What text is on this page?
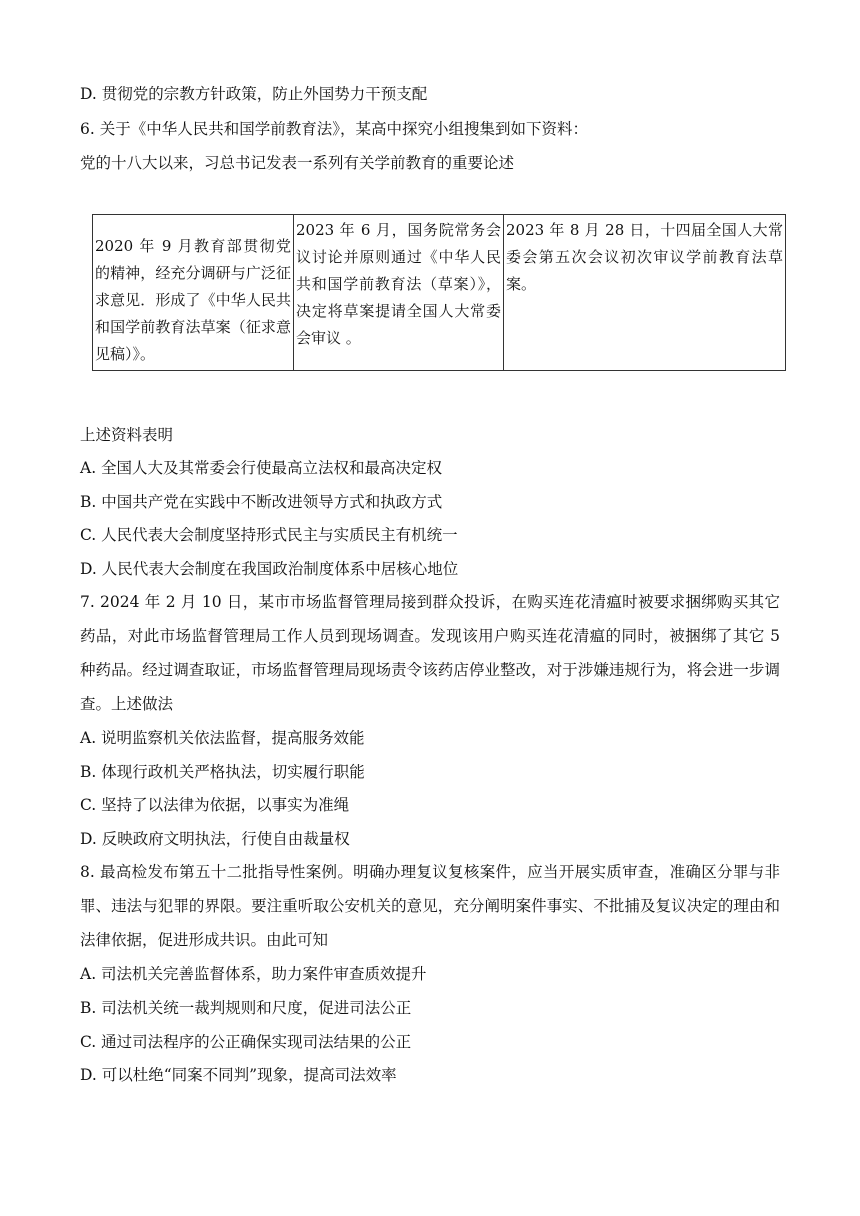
D. 贯彻党的宗教方针政策，防止外国势力干预支配
6. 关于《中华人民共和国学前教育法》，某高中探究小组搜集到如下资料：
党的十八大以来，习总书记发表一系列有关学前教育的重要论述
2020 年 9 月教育部贯彻党的精神，经充分调研与广泛征求意见．形成了《中华人民共和国学前教育法草案（征求意见稿）》。	2023 年 6 月，国务院常务会议讨论并原则通过《中华人民共和国学前教育法（草案）》，决定将草案提请全国人大常委会审议 。	2023 年 8 月 28 日，十四届全国人大常委会第五次会议初次审议学前教育法草案。
上述资料表明
A. 全国人大及其常委会行使最高立法权和最高决定权
B. 中国共产党在实践中不断改进领导方式和执政方式
C. 人民代表大会制度坚持形式民主与实质民主有机统一
D. 人民代表大会制度在我国政治制度体系中居核心地位
7. 2024 年 2 月 10 日，某市市场监督管理局接到群众投诉，在购买连花清瘟时被要求捆绑购买其它药品，对此市场监督管理局工作人员到现场调查。发现该用户购买连花清瘟的同时，被捆绑了其它 5 种药品。经过调查取证，市场监督管理局现场责令该药店停业整改，对于涉嫌违规行为，将会进一步调查。上述做法
A. 说明监察机关依法监督，提高服务效能
B. 体现行政机关严格执法，切实履行职能
C. 坚持了以法律为依据，以事实为准绳
D. 反映政府文明执法，行使自由裁量权
8. 最高检发布第五十二批指导性案例。明确办理复议复核案件，应当开展实质审查，准确区分罪与非罪、违法与犯罪的界限。要注重听取公安机关的意见，充分阐明案件事实、不批捕及复议决定的理由和法律依据，促进形成共识。由此可知
A. 司法机关完善监督体系，助力案件审查质效提升
B. 司法机关统一裁判规则和尺度，促进司法公正
C. 通过司法程序的公正确保实现司法结果的公正
D. 可以杜绝“同案不同判”现象，提高司法效率
